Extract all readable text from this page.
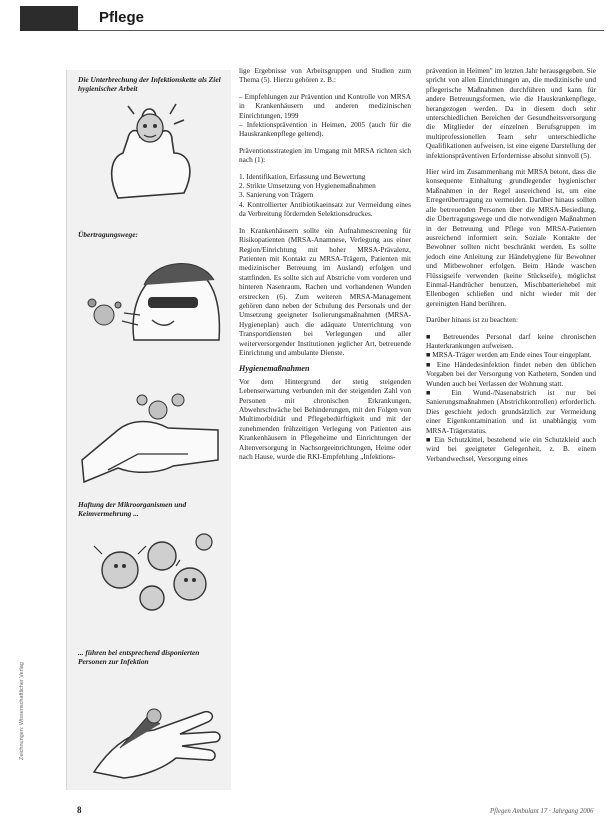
Pflege
Zeichnungen: Wissenschaftlicher Verlag
Die Unterbrechung der Infektionskette als Ziel hygienischer Arbeit
Übertragungswege:
Haftung der Mikroorganismen und Keimvermehrung ...
... führen bei entsprechend disponierten Personen zur Infektion

lige Ergebnisse von Arbeitsgruppen und Studien zum Thema (5). Hierzu gehören z. B.:

– Empfehlungen zur Prävention und Kontrolle von MRSA in Krankenhäusern und anderen medizinischen Einrichtungen, 1999
– Infektionsprävention in Heimen, 2005 (auch für die Hauskrankenpflege geltend).

Präventionsstrategien im Umgang mit MRSA richten sich nach (1):

1. Identifikation, Erfassung und Bewertung
2. Strikte Umsetzung von Hygienemaßnahmen
3. Sanierung von Trägern
4. Kontrollierter Antibiotikaeinsatz zur Vermeidung eines da Verbreitung fördernden Selektionsdruckes.

In Krankenhäusern sollte ein Aufnahmescreening für Risikopatienten (MRSA-Anamnese, Verlegung aus einer Region/Einrichtung mit hoher MRSA-Prävalenz, Patienten mit Kontakt zu MRSA-Trägern, Patienten mit medizinischer Betreuung im Ausland) erfolgen und stattfinden. Es sollte sich auf Abstriche vom vorderen und hinteren Nasenraum, Rachen und vorhandenen Wunden erstrecken (6). Zum weiteren MRSA-Management gehören dann neben der Schulung des Personals und der Umsetzung geeigneter Isolierungsmaßnahmen (MRSA-Hygieneplan) auch die adäquate Unterrichtung von Transportdiensten bei Verlegungen und aller weiterversorgender Institutionen jeglicher Art, betreuende Einrichtung und ambulante Dienste.

Hygienemaßnahmen

Vor dem Hintergrund der stetig steigenden Lebenserwartung verbunden mit der steigenden Zahl von Personen mit chronischen Erkrankungen, Abwehrschwäche bei Behinderungen, mit den Folgen von Multimorbidität und Pflegebedürftigkeit und mit der zunehmenden frühzeitigen Verlegung von Patienten aus Krankenhäusern in Pflegeheime und Einrichtungen der Altenversorgung in Nachsorgeeinrichtungen, Heime oder nach Hause, wurde die RKI-Empfehlung „Infektions-

prävention in Heimen" im letzten Jahr herausgegeben. Sie spricht von allen Einrichtungen an, die medizinische und pflegerische Maßnahmen durchführen und kann für andere Betreuungsformen, wie die Hauskrankenpflege, herangezogen werden. Da in diesem doch sehr unterschiedlichen Bereichen der Gesundheitsversorgung die Mitglieder der einzelnen Berufsgruppen im multiprofessionellen Team sehr unterschiedliche Qualifikationen aufweisen, ist eine eigene Darstellung der infektionspräventiven Erfordernisse absolut sinnvoll (5).

Hier wird im Zusammenhang mit MRSA betont, dass die konsequente Einhaltung grundlegender hygienischer Maßnahmen in der Regel ausreichend ist, um eine Erregerübertragung zu vermeiden. Darüber hinaus sollten alle betreuenden Personen über die MRSA-Besiedlung, die Übertragungswege und die notwendigen Maßnahmen in der Betreuung und Pflege von MRSA-Patienten ausreichend informiert sein. Soziale Kontakte der Bewohner sollten nicht beschränkt werden. Es sollte jedoch eine Anleitung zur Händehygiene für Bewohner und Mitbewohner erfolgen. Beim Hände waschen Flüssigseife verwenden (keine Stückseife), möglichst Einmal-Handtücher benutzen, Mischbatteriehebel mit Ellenbogen schließen und nicht wieder mit der gereinigten Hand berühren.

Darüber hinaus ist zu beachten:

■ Betreuendes Personal darf keine chronischen Hauterkrankungen aufweisen.
■ MRSA-Träger werden am Ende eines Tour eingeplant.
■ Eine Händedesinfektion findet neben den üblichen Vorgaben bei der Versorgung von Kathetern, Sonden und Wunden auch bei Verlassen der Wohnung statt.
■ Ein Wund-/Nasenabstrich ist nur bei Sanierungsmaßnahmen (Abstrichkontrollen) erforderlich. Dies geschieht jedoch grundsätzlich zur Vermeidung einer Eigenkontamination und ist unabhängig vom MRSA-Trägerstatus.
■ Ein Schutzkittel, bestehend wie ein Schutzkleid auch wird bei geeigneter Gelegenheit, z. B. einem Verbandwechsel, Versorgung eines
8	Pflegen Ambulant 17 · Jahrgang 2006
